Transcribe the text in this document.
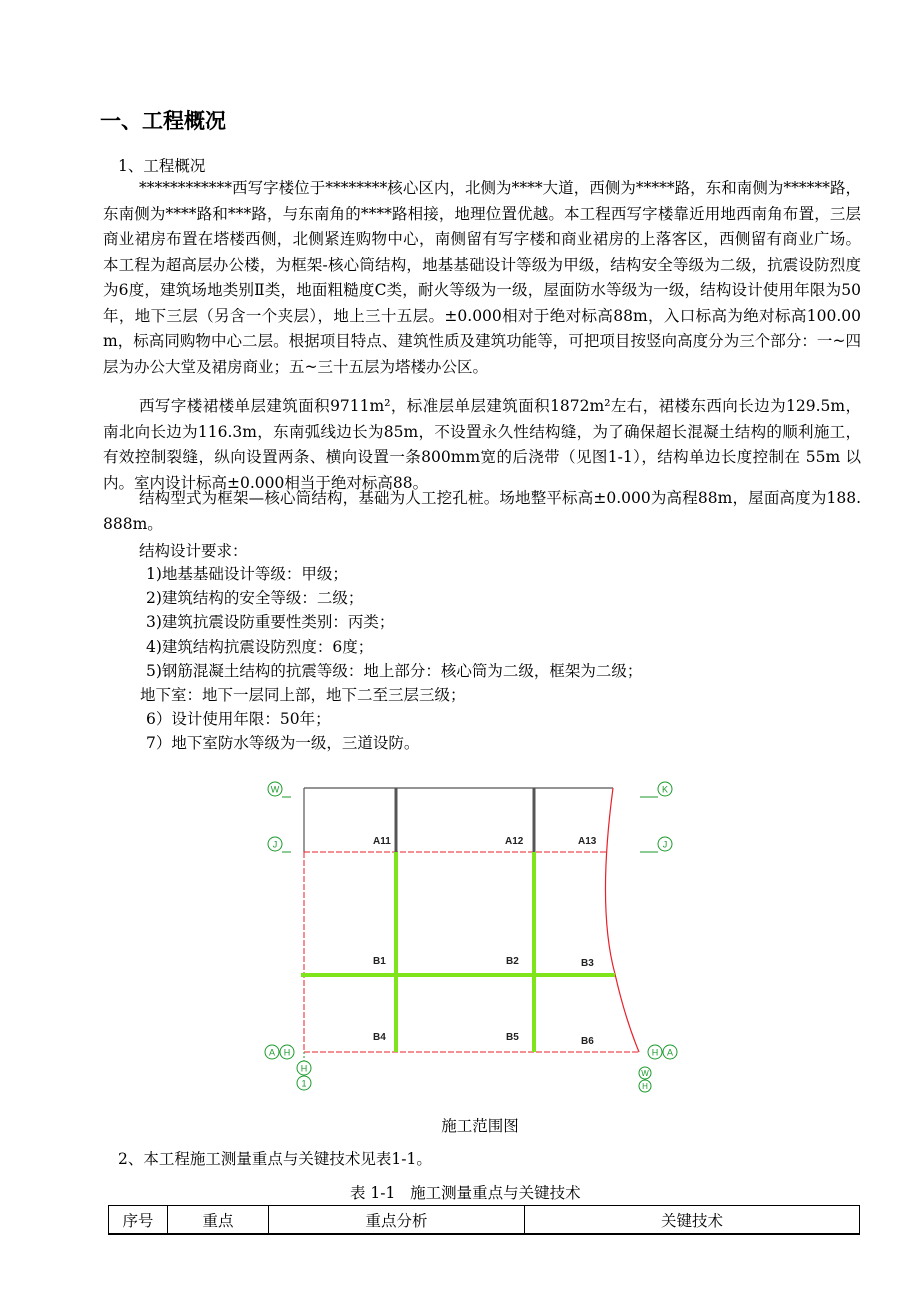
一、工程概况
1、工程概况

************西写字楼位于********核心区内，北侧为****大道，西侧为*****路，东和南侧为******路，东南侧为****路和***路，与东南角的****路相接，地理位置优越。本工程西写字楼靠近用地西南角布置，三层商业裙房布置在塔楼西侧，北侧紧连购物中心，南侧留有写字楼和商业裙房的上落客区，西侧留有商业广场。本工程为超高层办公楼，为框架-核心筒结构，地基基础设计等级为甲级，结构安全等级为二级，抗震设防烈度为6度，建筑场地类别Ⅱ类，地面粗糙度C类，耐火等级为一级，屋面防水等级为一级，结构设计使用年限为50年，地下三层（另含一个夹层），地上三十五层。±0.000相对于绝对标高88m，入口标高为绝对标高100.00m，标高同购物中心二层。根据项目特点、建筑性质及建筑功能等，可把项目按竖向高度分为三个部分：一~四层为办公大堂及裙房商业；五~三十五层为塔楼办公区。

西写字楼裙楼单层建筑面积9711m²，标准层单层建筑面积1872m²左右，裙楼东西向长边为129.5m，南北向长边为116.3m，东南弧线边长为85m，不设置永久性结构缝，为了确保超长混凝土结构的顺利施工，有效控制裂缝，纵向设置两条、横向设置一条800mm宽的后浇带（见图1-1），结构单边长度控制在 55m 以内。室内设计标高±0.000相当于绝对标高88。

结构型式为框架—核心筒结构，基础为人工挖孔桩。场地整平标高±0.000为高程88m，屋面高度为188.888m。

结构设计要求：
1)地基基础设计等级：甲级；
2)建筑结构的安全等级：二级；
3)建筑抗震设防重要性类别：丙类；
4)建筑结构抗震设防烈度：6度；
5)钢筋混凝土结构的抗震等级：地上部分：核心筒为二级，框架为二级；
地下室：地下一层同上部，地下二至三层三级；
6）设计使用年限：50年；
7）地下室防水等级为一级，三道设防。
A11	A12	A13
B1	B2	B3
B4	B5	B6
W	K
J	J
A H
H
1
H A
W
H
施工范围图
2、本工程施工测量重点与关键技术见表1-1。
表 1-1   施工测量重点与关键技术
序号	重点	重点分析	关键技术
